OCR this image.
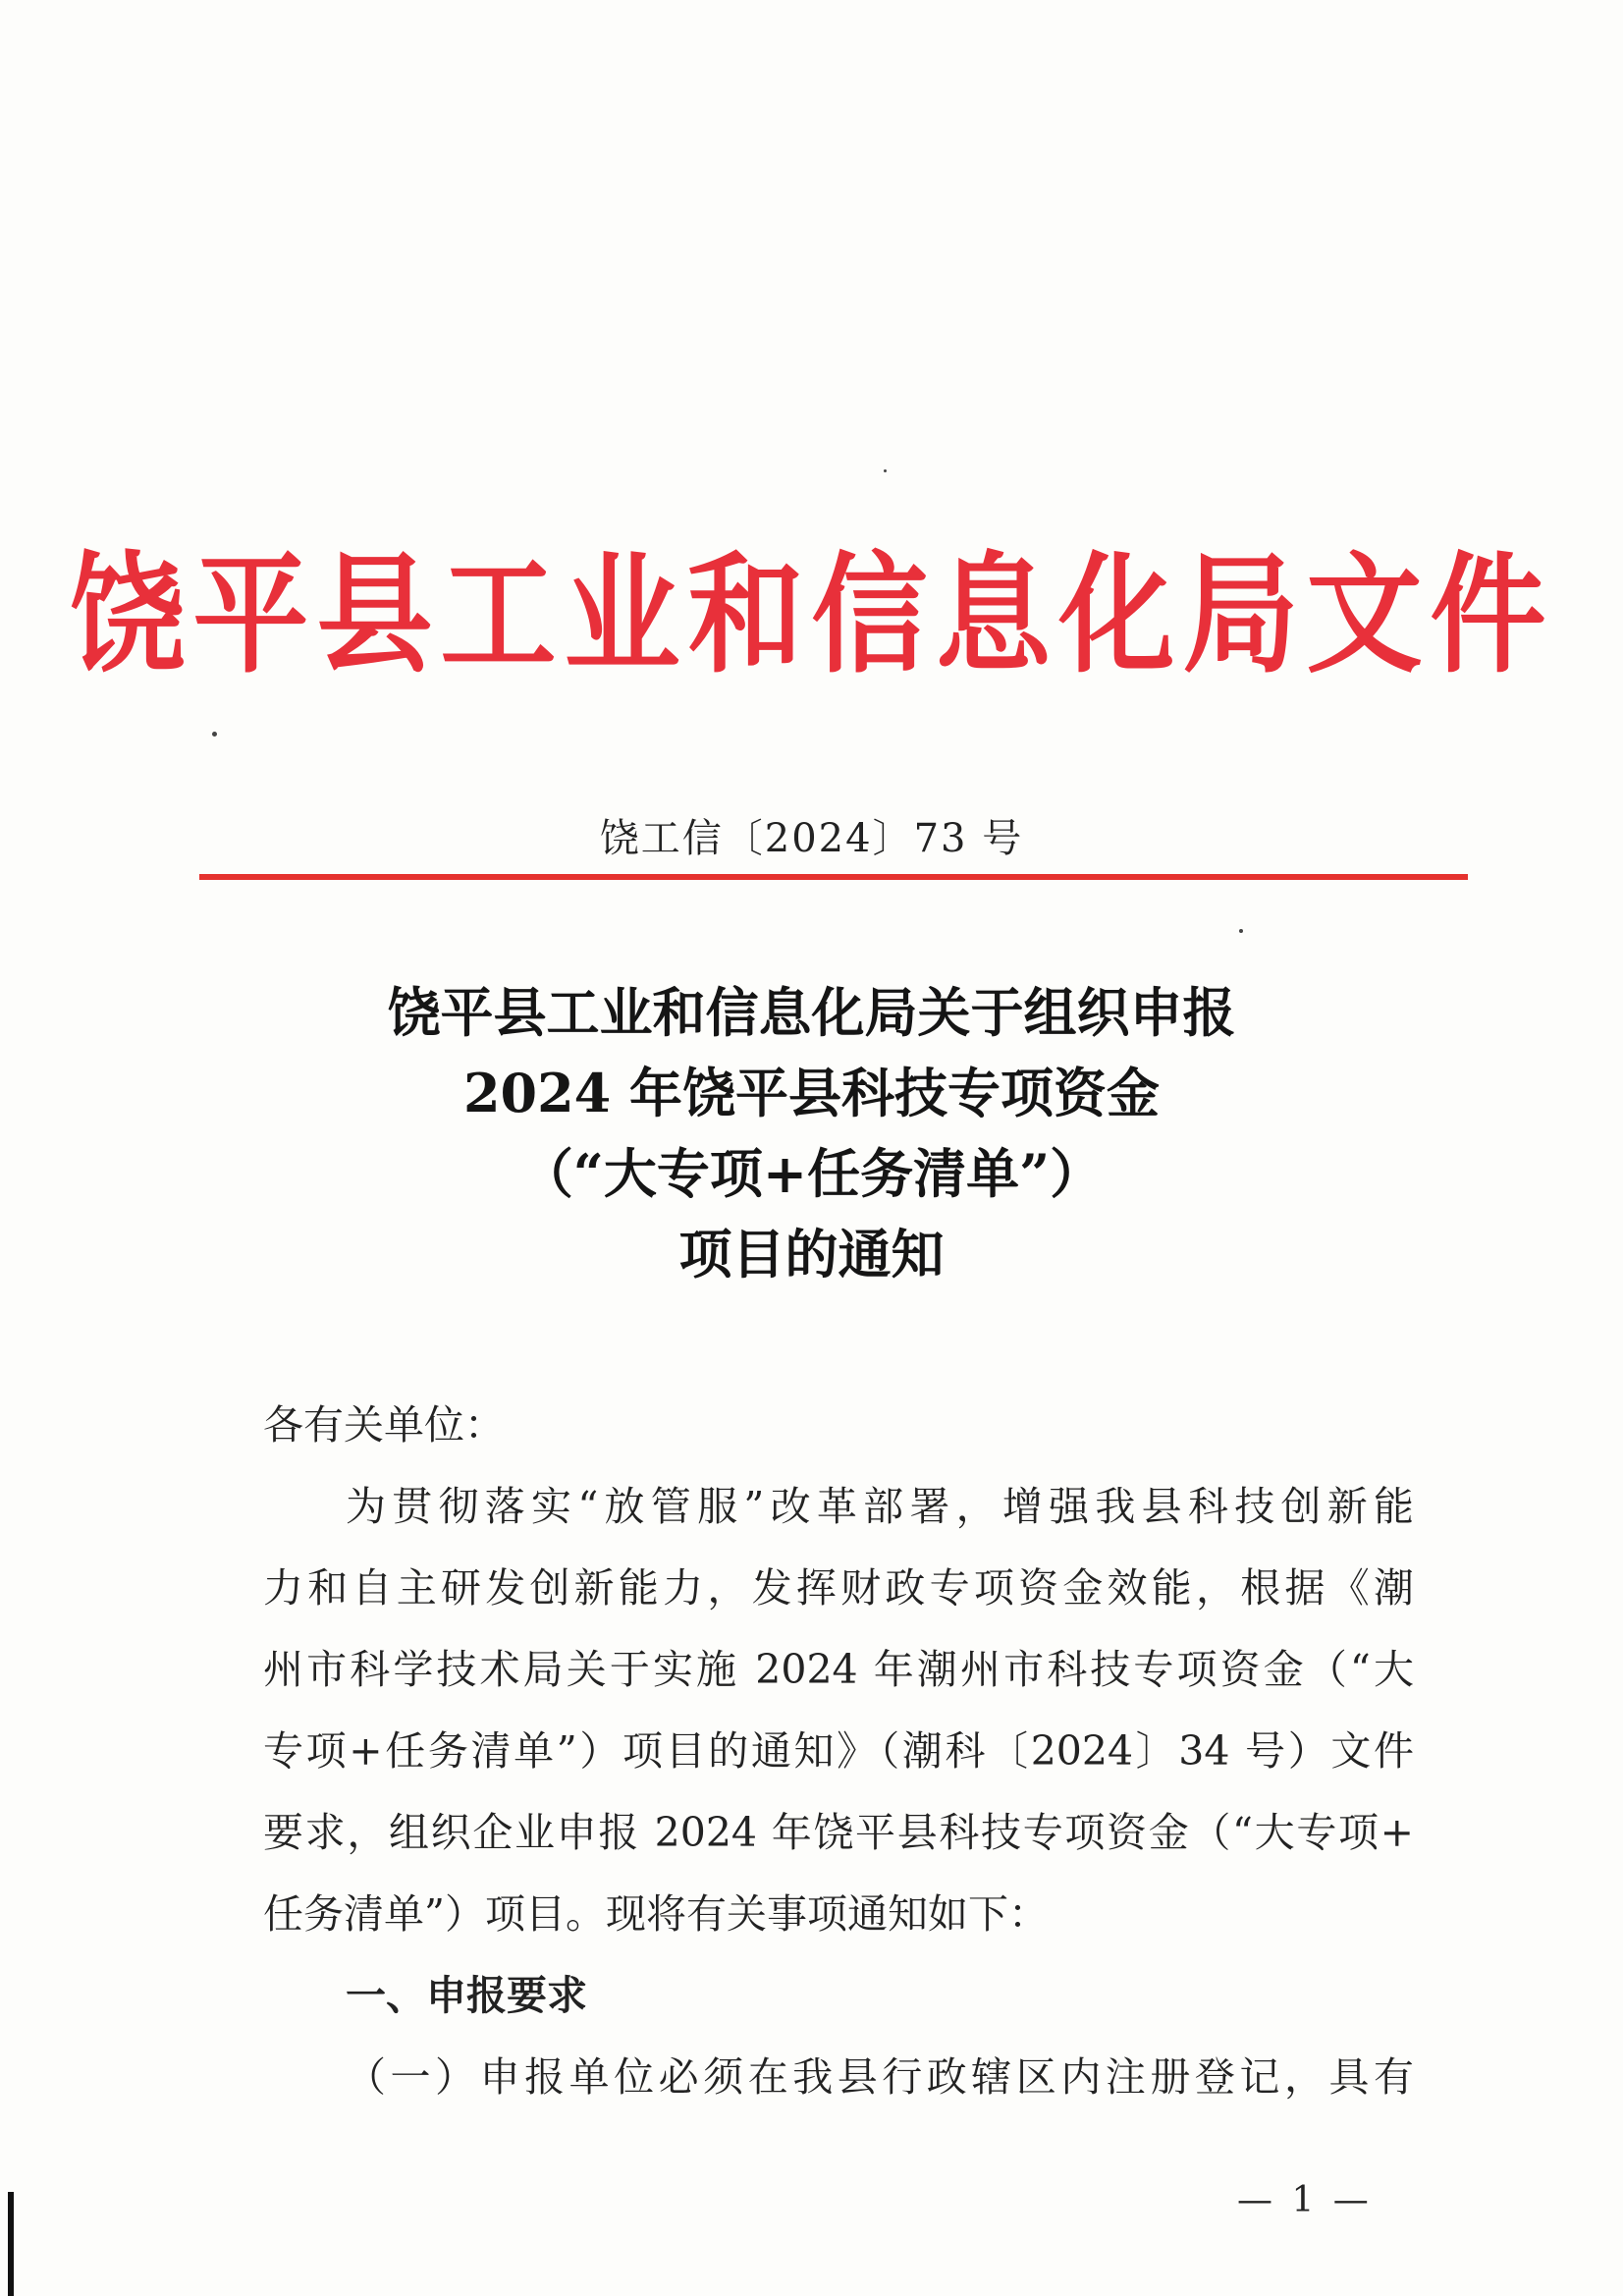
饶平县工业和信息化局文件
饶工信〔2024〕73 号
饶平县工业和信息化局关于组织申报
2024 年饶平县科技专项资金
（“大专项+任务清单”）
项目的通知
各有关单位：
为贯彻落实“放管服”改革部署，增强我县科技创新能
力和自主研发创新能力，发挥财政专项资金效能，根据《潮
州市科学技术局关于实施 2024 年潮州市科技专项资金（“大
专项+任务清单”）项目的通知》（潮科〔2024〕34 号）文件
要求，组织企业申报 2024 年饶平县科技专项资金（“大专项+
任务清单”）项目。现将有关事项通知如下：
一、申报要求
（一）申报单位必须在我县行政辖区内注册登记，具有
— 1 —
